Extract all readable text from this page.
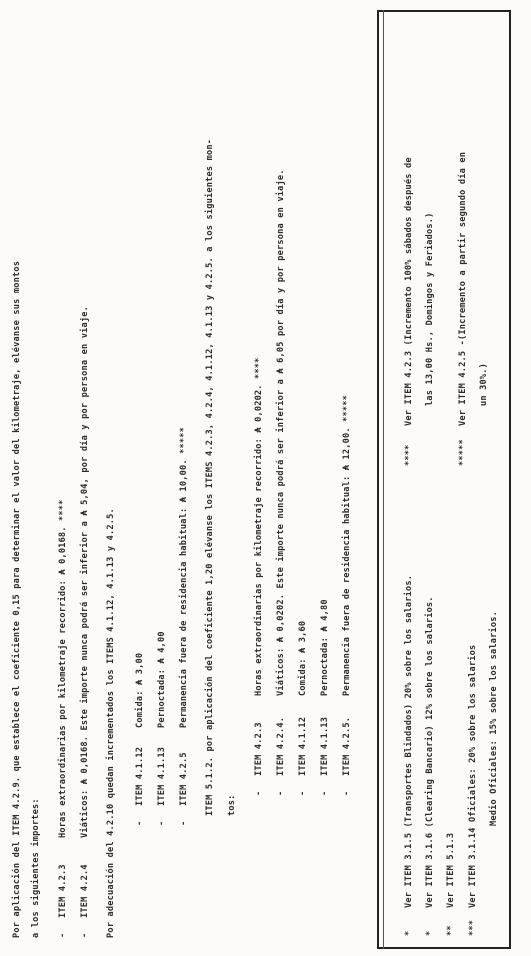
Por aplicación del ITEM 4.2.9. que establece el coeficiente 0,15 para determinar el valor del kilometraje, elévanse sus montos a los siguientes importes: -
ITEM 4.2.3
Horas extraordinarias por kilometraje recorrido: ₳ 0,0168. ****
-
ITEM 4.2.4
Viáticos: ₳ 0,0168. Este importe nunca podrá ser inferior a ₳ 5,04, por día y por persona en viaje. Por adecuación del 4.2.10 quedan incrementados los ITEMS 4.1.12, 4.1.13 y 4.2.5. -
ITEM 4.1.12
Comida: ₳ 3,00
-
ITEM 4.1.13
Pernoctada: ₳ 4,00
-
ITEM 4.2.5
Permanencia fuera de residencia habitual: ₳ 10,00. ***** ITEM 5.1.2. por aplicación del coeficiente 1,20 elévanse los ITEMS 4.2.3, 4.2.4, 4.1.12, 4.1.13 y 4.2.5. a los siguientes mon- tos:
-
ITEM 4.2.3
Horas extraordinarias por kilometraje recorrido: ₳ 0,0202. ****
-
ITEM 4.2.4.
Viáticos: ₳ 0,0202. Este importe nunca podrá ser inferior a ₳ 6,05 por día y por persona en viaje.
-
ITEM 4.1.12
Comida: ₳ 3,60
-
ITEM 4.1.13
Pernoctada: ₳ 4,80
-
ITEM 4.2.5.
Permanencia fuera de residencia habitual: ₳ 12,00. *****
*
Ver ITEM 3.1.5 (Transportes Blindados) 20% sobre los salarios.
*
Ver ITEM 3.1.6 (Clearing Bancario) 12% sobre los salarios.
**
Ver ITEM 5.1.3
***
Ver ITEM 3.1.14 Oficiales: 20% sobre los salarios Medio Oficiales: 15% sobre los salarios.
****
Ver ITEM 4.2.3 (Incremento 100% sábados después de las 13,00 Hs., Domingos y Feriados.)
*****
Ver ITEM 4.2.5 -(Incremento a partir segundo día en un 30%.)
